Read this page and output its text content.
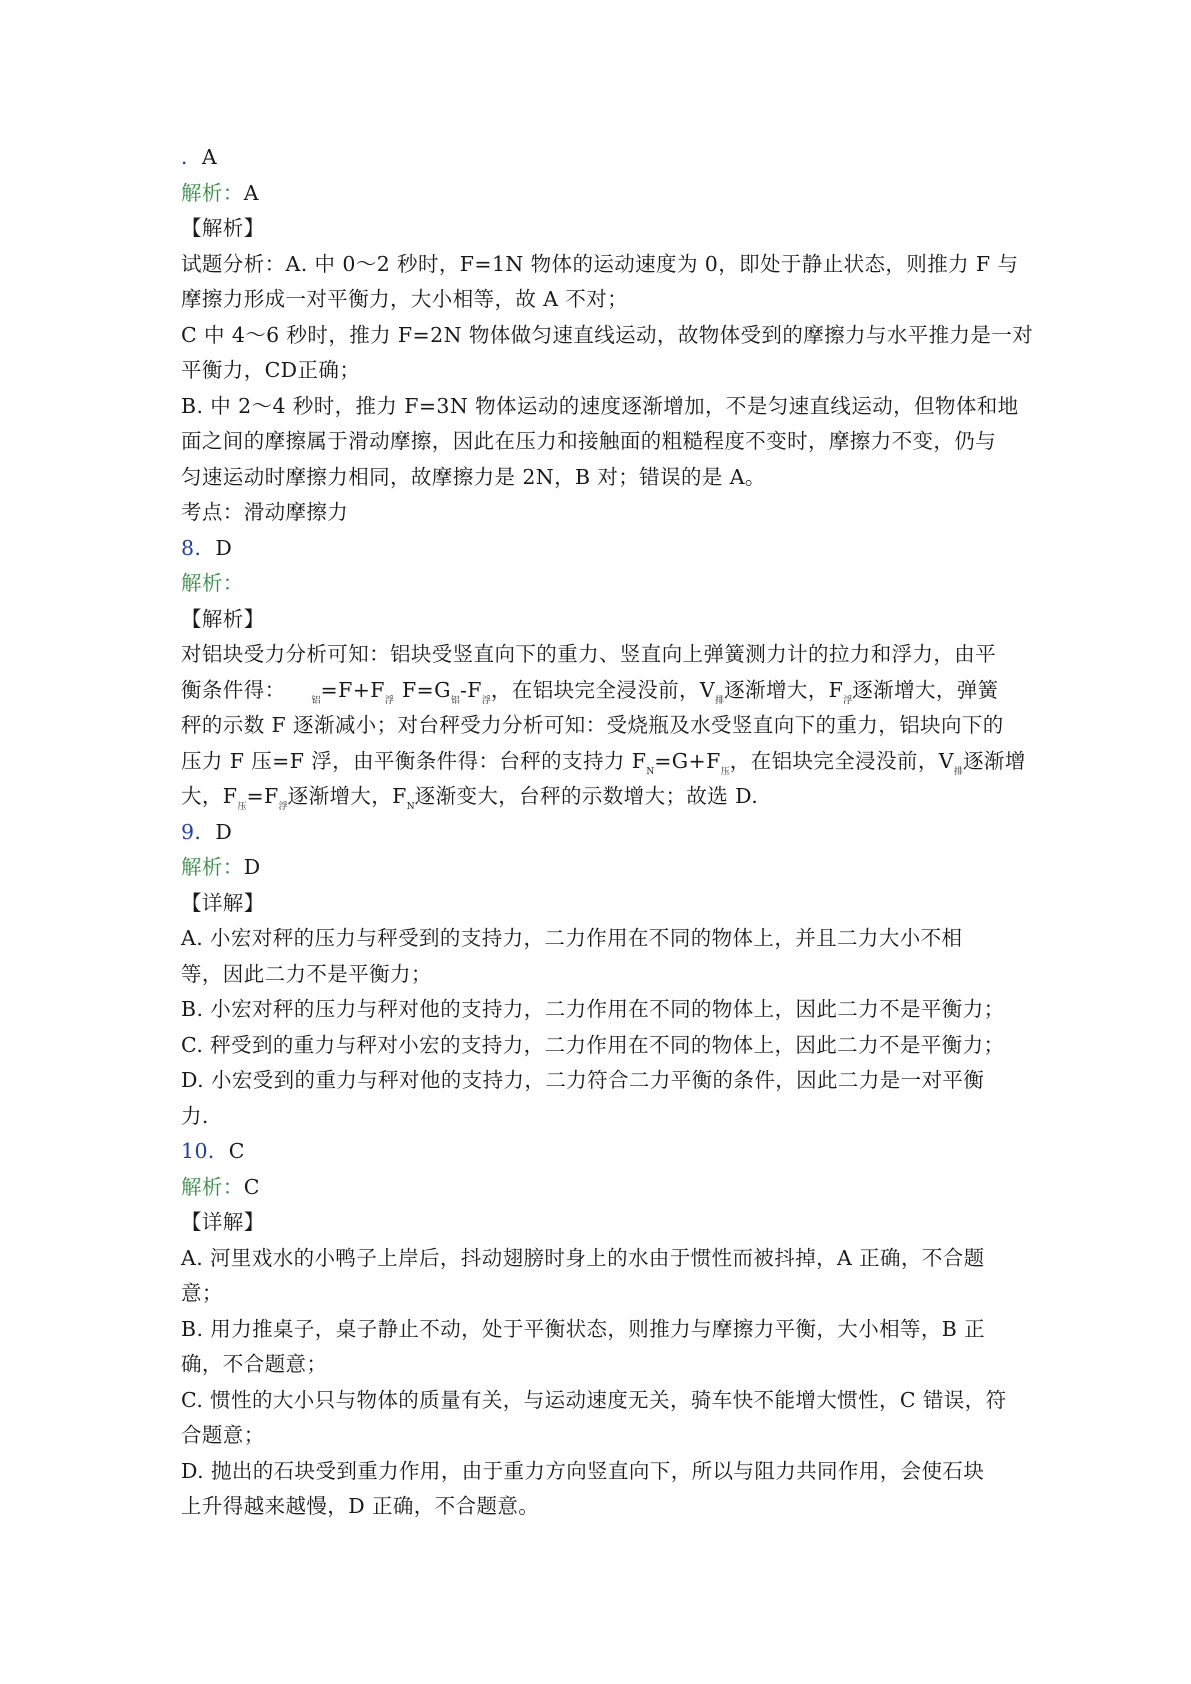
．A
解析：A
【解析】
试题分析：A. 中 0～2 秒时，F=1N 物体的运动速度为 0，即处于静止状态，则推力 F 与
摩擦力形成一对平衡力，大小相等，故 A 不对；
C 中 4～6 秒时，推力 F=2N 物体做匀速直线运动，故物体受到的摩擦力与水平推力是一对
平衡力，CD正确；
B. 中 2～4 秒时，推力 F=3N 物体运动的速度逐渐增加，不是匀速直线运动，但物体和地
面之间的摩擦属于滑动摩擦，因此在压力和接触面的粗糙程度不变时，摩擦力不变，仍与
匀速运动时摩擦力相同，故摩擦力是 2N，B 对；错误的是 A。
考点：滑动摩擦力
8．D
解析：
【解析】
对铝块受力分析可知：铝块受竖直向下的重力、竖直向上弹簧测力计的拉力和浮力，由平
衡条件得：	$_铝=F+F_浮$ $F=G_铝-F_浮$，在铝块完全浸没前，$V_排$逐渐增大，$F_浮$逐渐增大，弹簧
秤的示数 F 逐渐减小；对台秤受力分析可知：受烧瓶及水受竖直向下的重力，铝块向下的
压力 F 压=F 浮，由平衡条件得：台秤的支持力 $F_N=G+F_压$，在铝块完全浸没前，$V_排$逐渐增
大，$F_压=F_浮$逐渐增大，$F_N$逐渐变大，台秤的示数增大；故选 D.
9．D
解析：D
【详解】
A. 小宏对秤的压力与秤受到的支持力，二力作用在不同的物体上，并且二力大小不相
等，因此二力不是平衡力；
B. 小宏对秤的压力与秤对他的支持力，二力作用在不同的物体上，因此二力不是平衡力；
C. 秤受到的重力与秤对小宏的支持力，二力作用在不同的物体上，因此二力不是平衡力；
D. 小宏受到的重力与秤对他的支持力，二力符合二力平衡的条件，因此二力是一对平衡
力.
10．C
解析：C
【详解】
A. 河里戏水的小鸭子上岸后，抖动翅膀时身上的水由于惯性而被抖掉，A 正确，不合题
意；
B. 用力推桌子，桌子静止不动，处于平衡状态，则推力与摩擦力平衡，大小相等，B 正
确，不合题意；
C. 惯性的大小只与物体的质量有关，与运动速度无关，骑车快不能增大惯性，C 错误，符
合题意；
D. 抛出的石块受到重力作用，由于重力方向竖直向下，所以与阻力共同作用，会使石块
上升得越来越慢，D 正确，不合题意。
